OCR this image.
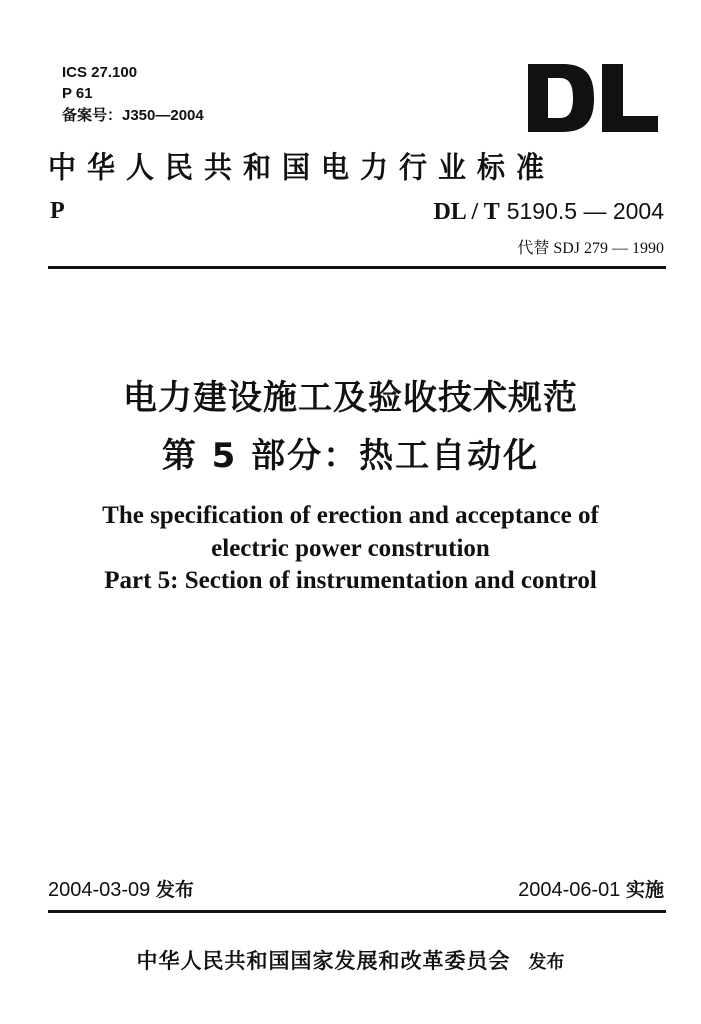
ICS 27.100
P 61
备案号：J350—2004
中华人民共和国电力行业标准
P	DL / T 5190.5 — 2004
代替 SDJ 279 — 1990
电力建设施工及验收技术规范
第 5 部分：热工自动化
The specification of erection and acceptance of
electric power constrution
Part 5: Section of instrumentation and control
2004-03-09 发布	2004-06-01 实施
中华人民共和国国家发展和改革委员会 发布
